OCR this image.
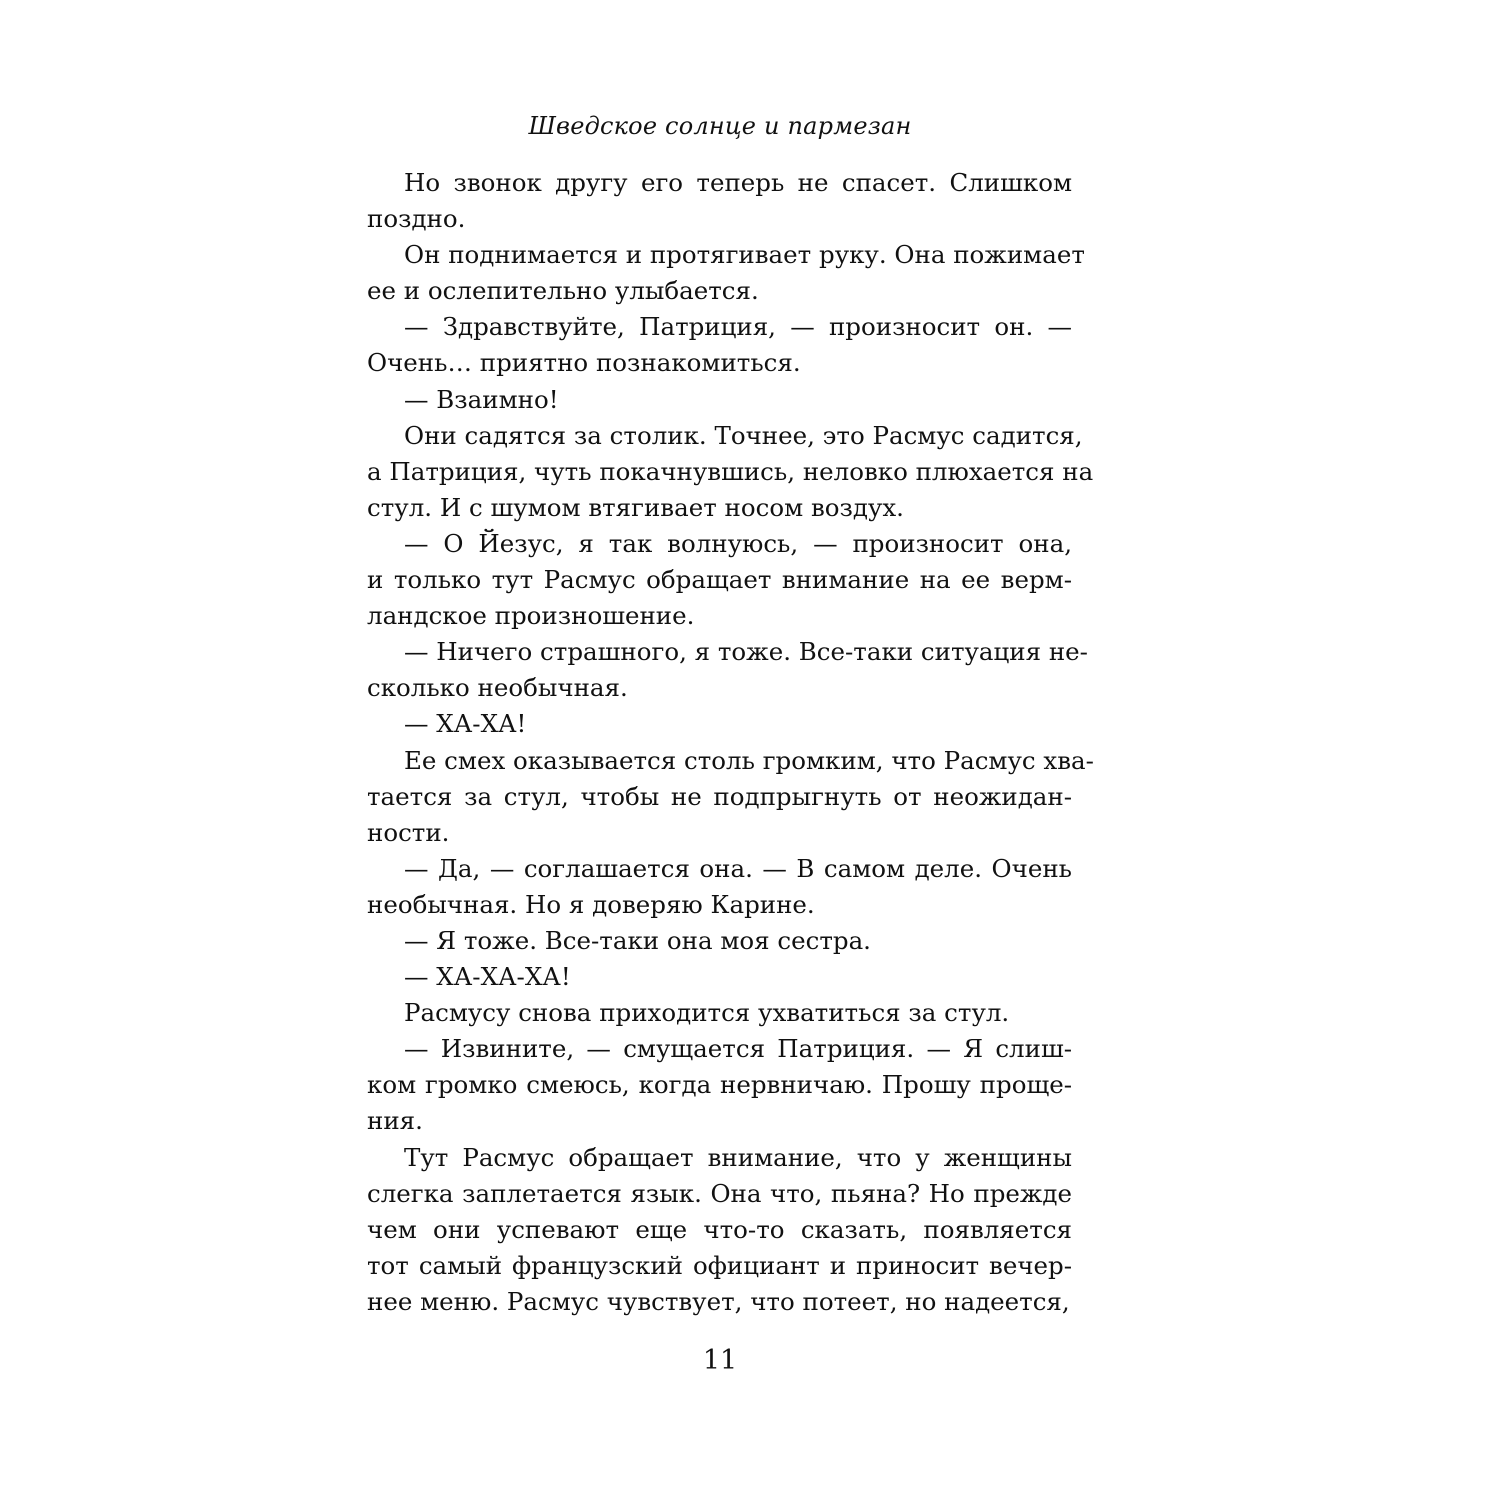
Шведское солнце и пармезан
Но звонок другу его теперь не спасет. Слишком
поздно.
Он поднимается и протягивает руку. Она пожимает
ее и ослепительно улыбается.
— Здравствуйте, Патриция, — произносит он. —
Очень… приятно познакомиться.
— Взаимно!
Они садятся за столик. Точнее, это Расмус садится,
а Патриция, чуть покачнувшись, неловко плюхается на
стул. И с шумом втягивает носом воздух.
— О Йезус, я так волнуюсь, — произносит она,
и только тут Расмус обращает внимание на ее верм-
ландское произношение.
— Ничего страшного, я тоже. Все-таки ситуация не-
сколько необычная.
— ХА-ХА!
Ее смех оказывается столь громким, что Расмус хва-
тается за стул, чтобы не подпрыгнуть от неожидан-
ности.
— Да, — соглашается она. — В самом деле. Очень
необычная. Но я доверяю Карине.
— Я тоже. Все-таки она моя сестра.
— ХА-ХА-ХА!
Расмусу снова приходится ухватиться за стул.
— Извините, — смущается Патриция. — Я слиш-
ком громко смеюсь, когда нервничаю. Прошу проще-
ния.
Тут Расмус обращает внимание, что у женщины
слегка заплетается язык. Она что, пьяна? Но прежде
чем они успевают еще что-то сказать, появляется
тот самый французский официант и приносит вечер-
нее меню. Расмус чувствует, что потеет, но надеется,
11
